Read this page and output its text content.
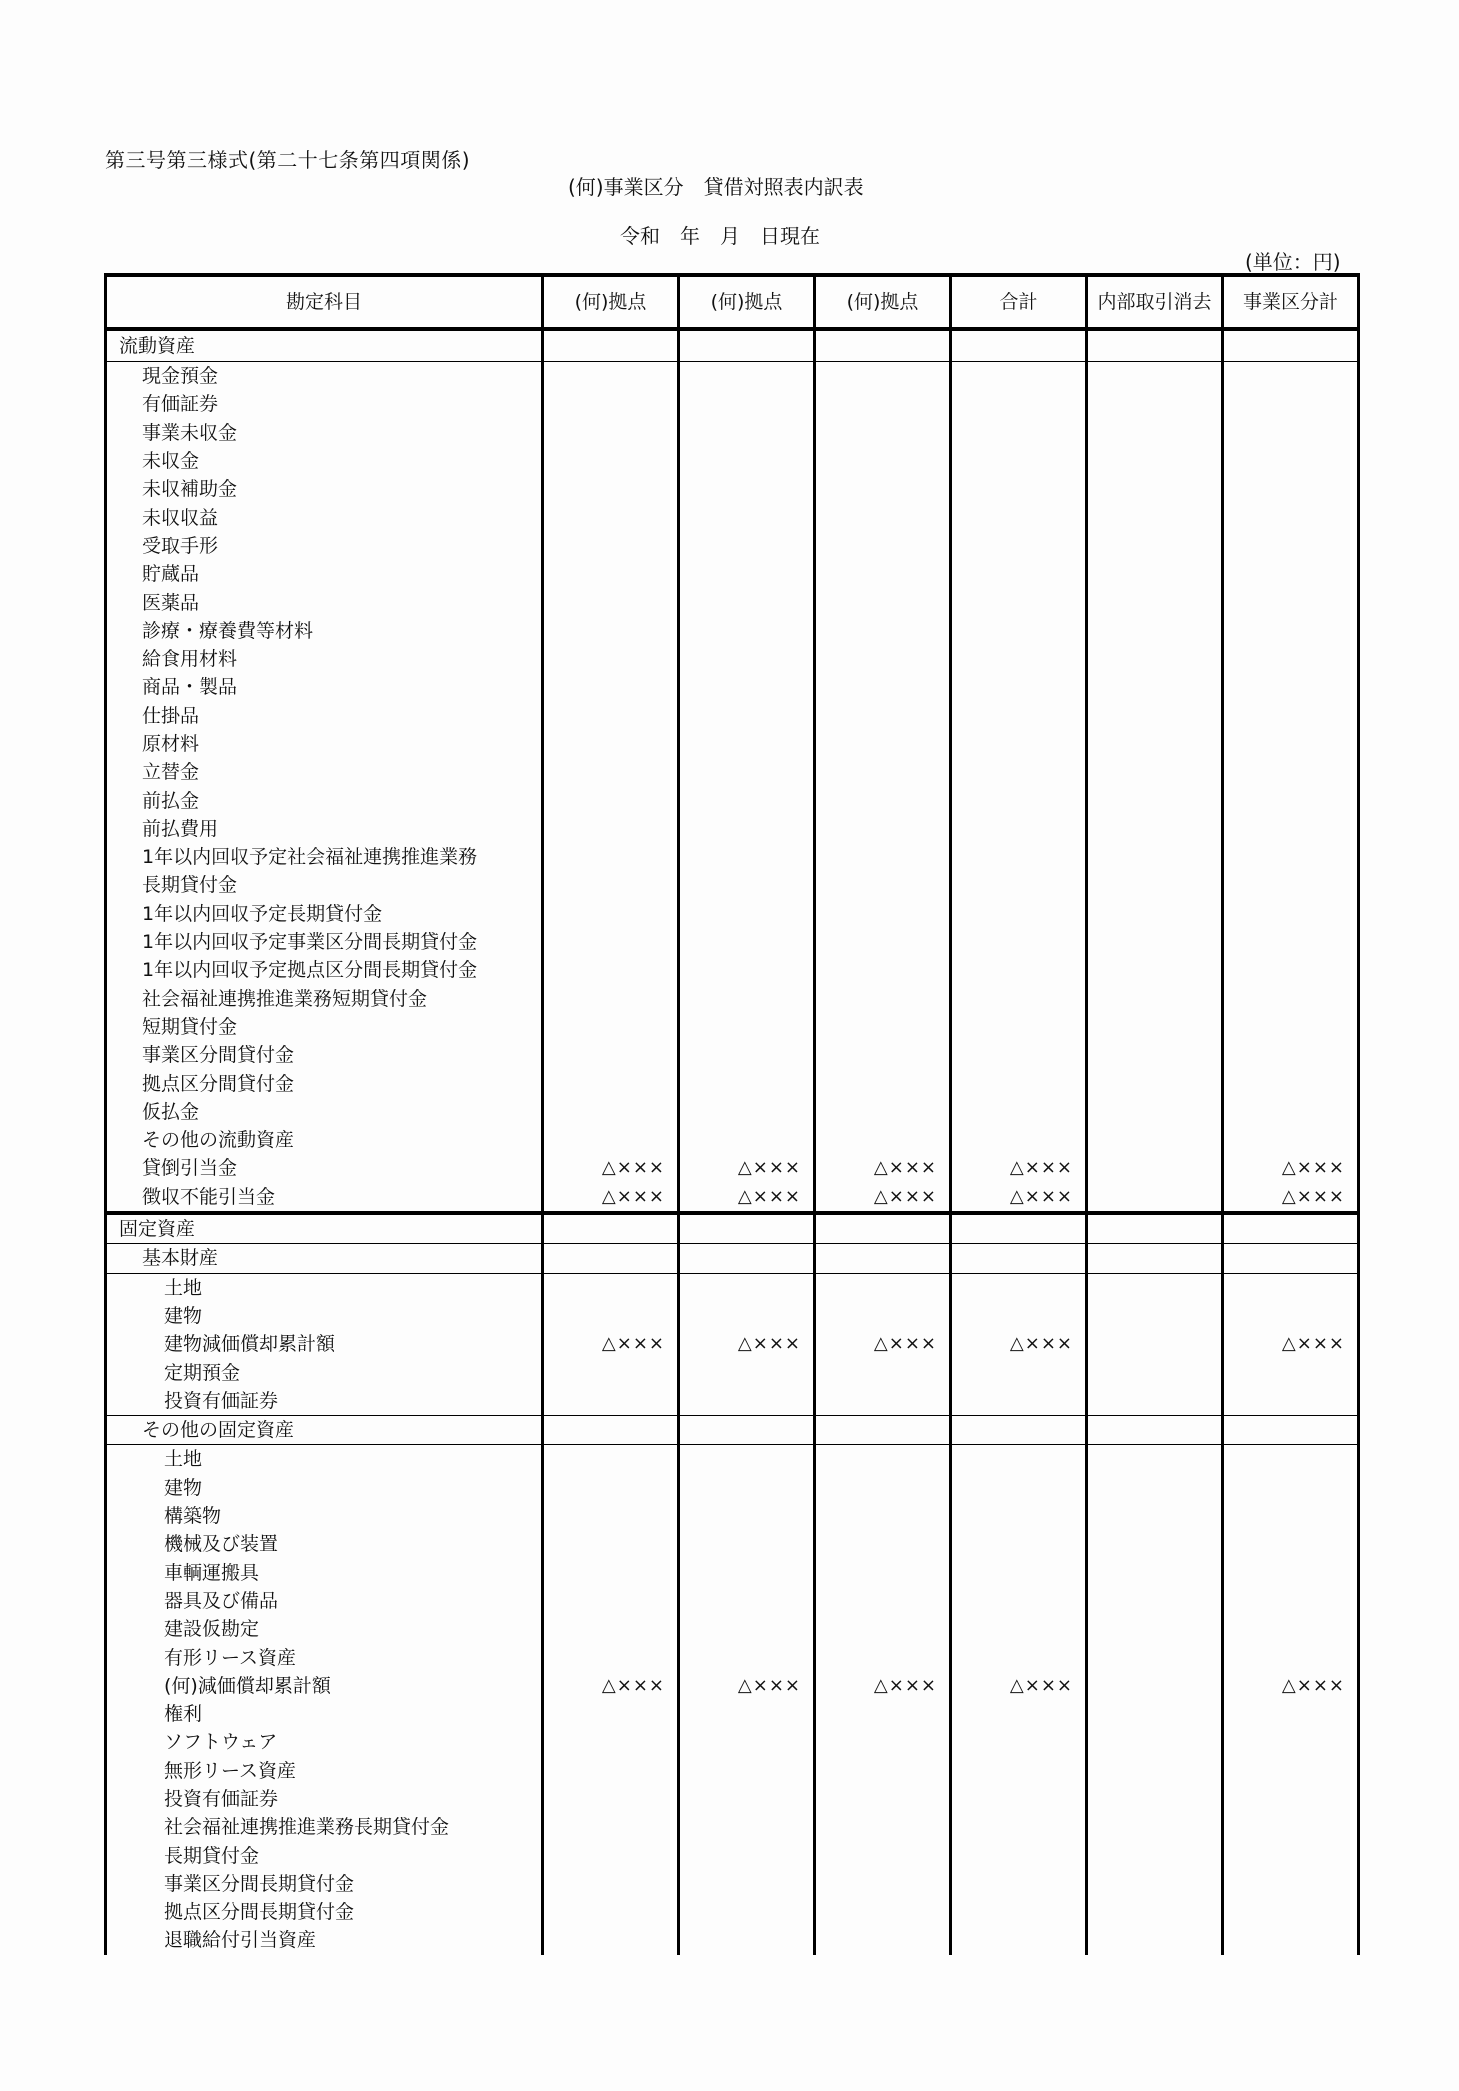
第三号第三様式(第二十七条第四項関係)
(何)事業区分　貸借対照表内訳表
令和　年　月　日現在
(単位：円)
勘定科目	(何)拠点	(何)拠点	(何)拠点	合計	内部取引消去	事業区分計
流動資産						
現金預金						
有価証券						
事業未収金						
未収金						
未収補助金						
未収収益						
受取手形						
貯蔵品						
医薬品						
診療・療養費等材料						
給食用材料						
商品・製品						
仕掛品						
原材料						
立替金						
前払金						
前払費用						
1年以内回収予定社会福祉連携推進業務						
長期貸付金						
1年以内回収予定長期貸付金						
1年以内回収予定事業区分間長期貸付金						
1年以内回収予定拠点区分間長期貸付金						
社会福祉連携推進業務短期貸付金						
短期貸付金						
事業区分間貸付金						
拠点区分間貸付金						
仮払金						
その他の流動資産						
貸倒引当金	△×××	△×××	△×××	△×××		△×××
徴収不能引当金	△×××	△×××	△×××	△×××		△×××
固定資産						
基本財産						
土地						
建物						
建物減価償却累計額	△×××	△×××	△×××	△×××		△×××
定期預金						
投資有価証券						
その他の固定資産						
土地						
建物						
構築物						
機械及び装置						
車輌運搬具						
器具及び備品						
建設仮勘定						
有形リース資産						
(何)減価償却累計額	△×××	△×××	△×××	△×××		△×××
権利						
ソフトウェア						
無形リース資産						
投資有価証券						
社会福祉連携推進業務長期貸付金						
長期貸付金						
事業区分間長期貸付金						
拠点区分間長期貸付金						
退職給付引当資産						
